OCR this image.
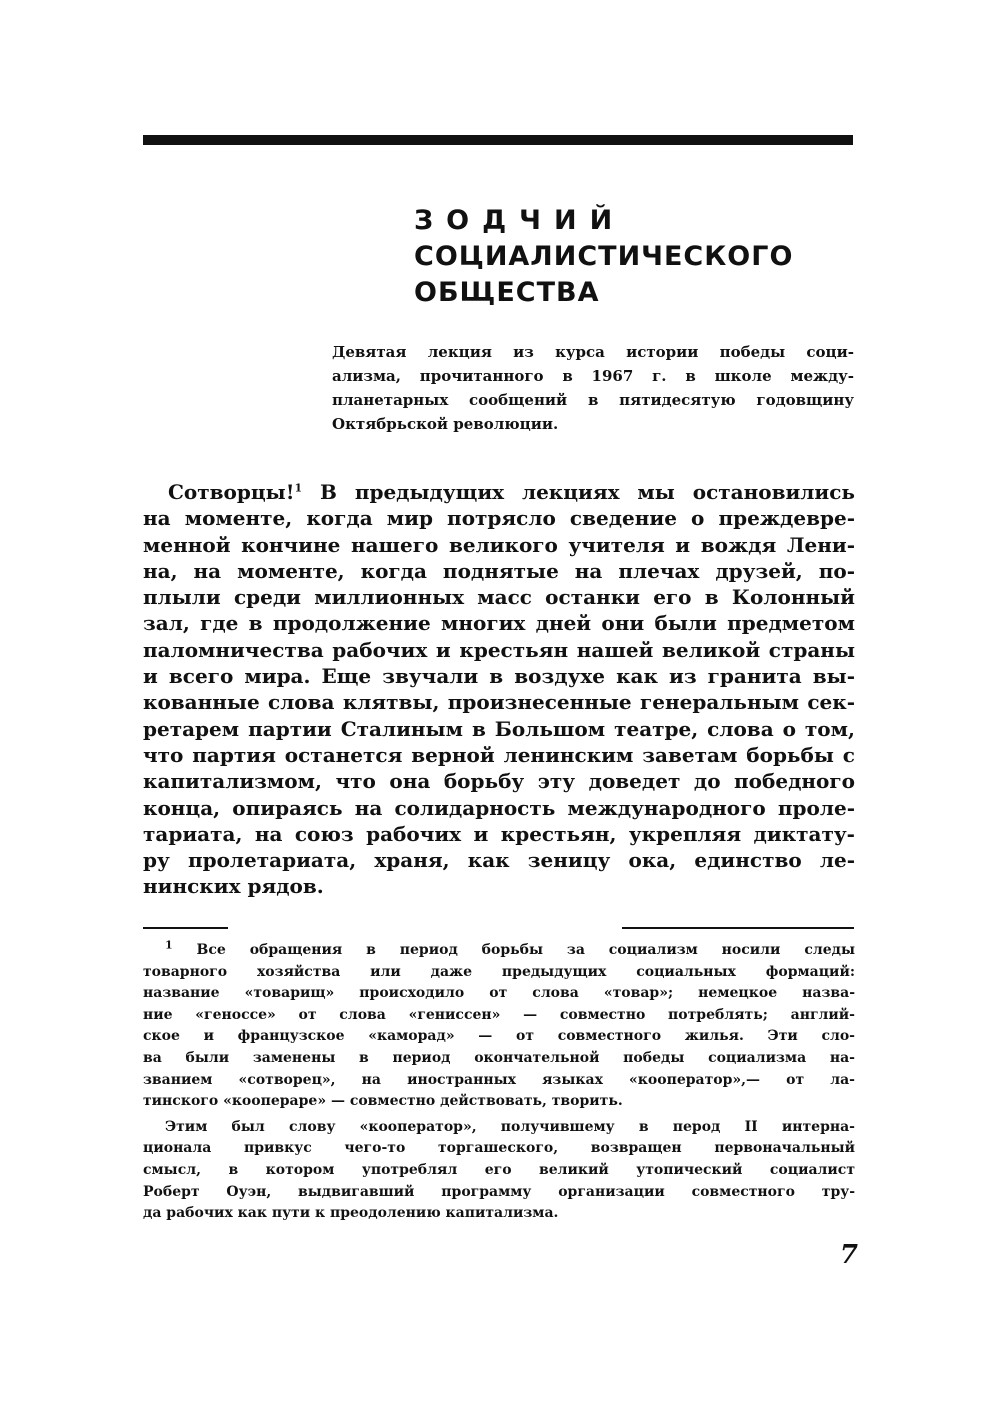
ЗОДЧИЙ
СОЦИАЛИСТИЧЕСКОГО
ОБЩЕСТВА
Девятая лекция из курса истории победы соци-
ализма, прочитанного в 1967 г. в школе между-
планетарных сообщений в пятидесятую годовщину
Октябрьской революции.
Сотворцы!$^1$ В предыдущих лекциях мы остановились
на моменте, когда мир потрясло сведение о преждевре-
менной кончине нашего великого учителя и вождя Лени-
на, на моменте, когда поднятые на плечах друзей, по-
плыли среди миллионных масс останки его в Колонный
зал, где в продолжение многих дней они были предметом
паломничества рабочих и крестьян нашей великой страны
и всего мира. Еще звучали в воздухе как из гранита вы-
кованные слова клятвы, произнесенные генеральным сек-
ретарем партии Сталиным в Большом театре, слова о том,
что партия останется верной ленинским заветам борьбы с
капитализмом, что она борьбу эту доведет до победного
конца, опираясь на солидарность международного проле-
тариата, на союз рабочих и крестьян, укрепляя диктату-
ру пролетариата, храня, как зеницу ока, единство ле-
нинских рядов.
$^1$ Все обращения в период борьбы за социализм носили следы
товарного хозяйства или даже предыдущих социальных формаций:
название «товарищ» происходило от слова «товар»; немецкое назва-
ние «геноссе» от слова «гениссен» — совместно потреблять; англий-
ское и французское «каморад» — от совместного жилья. Эти сло-
ва были заменены в период окончательной победы социализма на-
званием «сотворец», на иностранных языках «кооператор»,— от ла-
тинского «коопераре» — совместно действовать, творить.
Этим был слову «кооператор», получившему в перод II интерна-
ционала привкус чего-то торгашеского, возвращен первоначальный
смысл, в котором употреблял его великий утопический социалист
Роберт Оуэн, выдвигавший программу организации совместного тру-
да рабочих как пути к преодолению капитализма.
7
